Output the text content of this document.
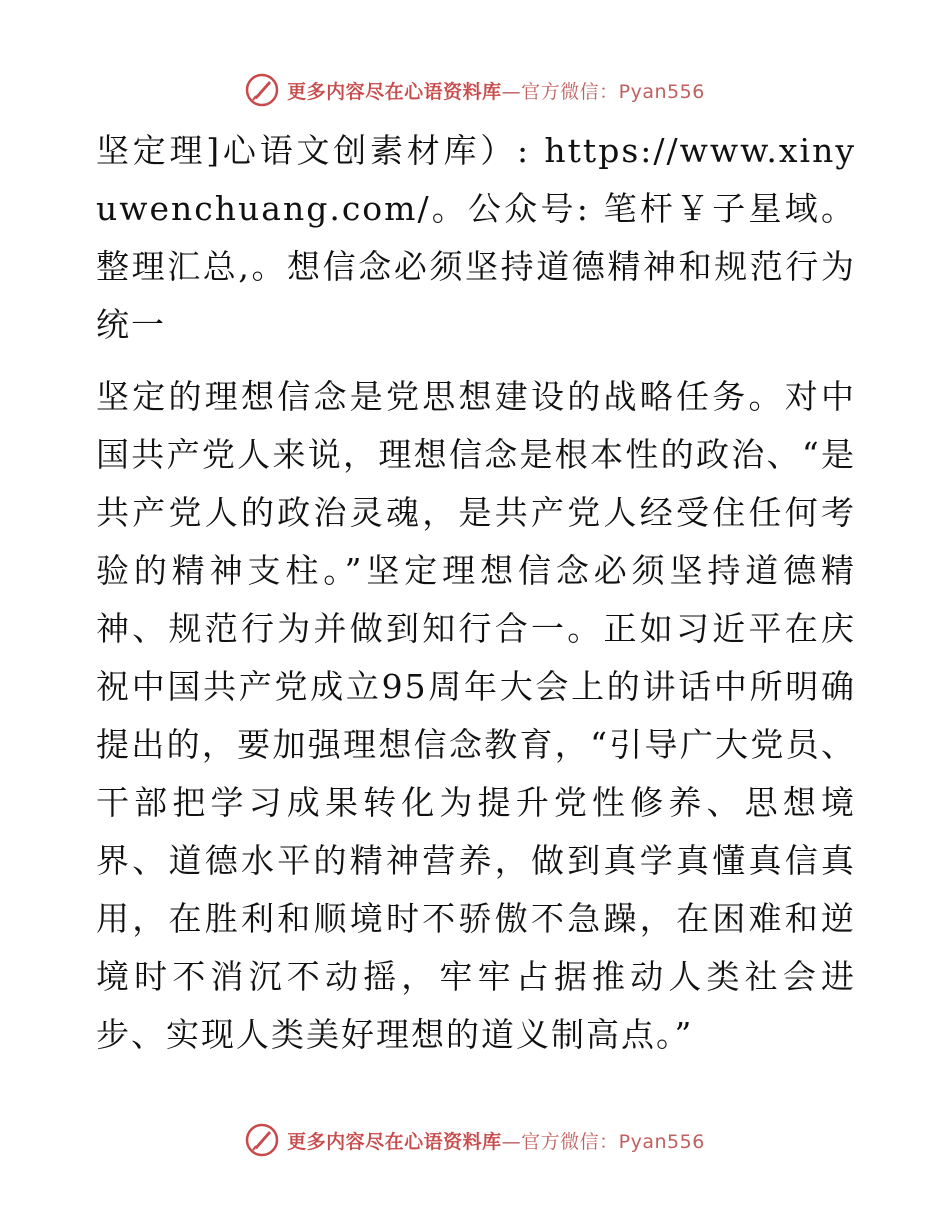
更多内容尽在心语资料库—官方微信：Pyan556

坚定理]心语文创素材库）: https://www.xinyuwenchuang.com/。公众号: 笔杆￥子星域。整理汇总,。想信念必须坚持道德精神和规范行为统一

坚定的理想信念是党思想建设的战略任务。对中国共产党人来说，理想信念是根本性的政治、“是共产党人的政治灵魂，是共产党人经受住任何考验的精神支柱。”坚定理想信念必须坚持道德精神、规范行为并做到知行合一。正如习近平在庆祝中国共产党成立95周年大会上的讲话中所明确提出的，要加强理想信念教育，“引导广大党员、干部把学习成果转化为提升党性修养、思想境界、道德水平的精神营养，做到真学真懂真信真用，在胜利和顺境时不骄傲不急躁，在困难和逆境时不消沉不动摇，牢牢占据推动人类社会进步、实现人类美好理想的道义制高点。”

更多内容尽在心语资料库—官方微信：Pyan556
